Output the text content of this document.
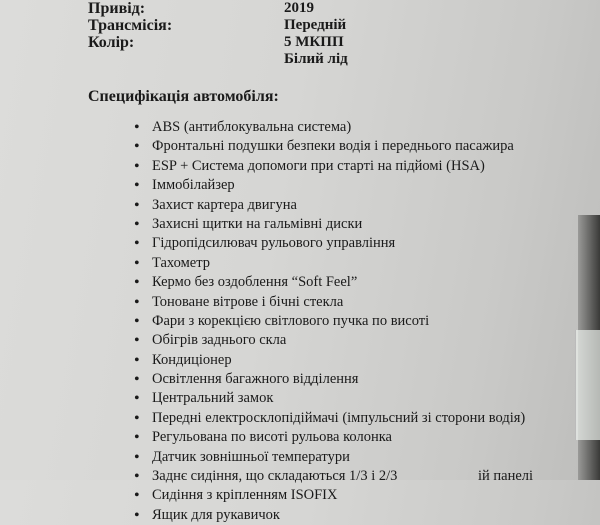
Привід:
Трансмісія:
Колір:
2019
Передній
5 МКПП
Білий лід
Специфікація автомобіля:
• ABS (антиблокувальна система)
• Фронтальні подушки безпеки водія і переднього пасажира
• ESP + Система допомоги при старті на підйомі (HSA)
• Іммобілайзер
• Захист картера двигуна
• Захисні щитки на гальмівні диски
• Гідропідсилювач рульового управління
• Тахометр
• Кермо без оздоблення “Soft Feel”
• Тоноване вітрове і бічні стекла
• Фари з корекцією світлового пучка по висоті
• Обігрів заднього скла
• Кондиціонер
• Освітлення багажного відділення
• Центральний замок
• Передні електросклопідіймачі (імпульсний зі сторони водія)
• Регульована по висоті рульова колонка
• Датчик зовнішньої температури
• Заднє сидіння, що складаються 1/3 і 2/3
• Сидіння з кріпленням ISOFIX
• Ящик для рукавичок
ій панелі
